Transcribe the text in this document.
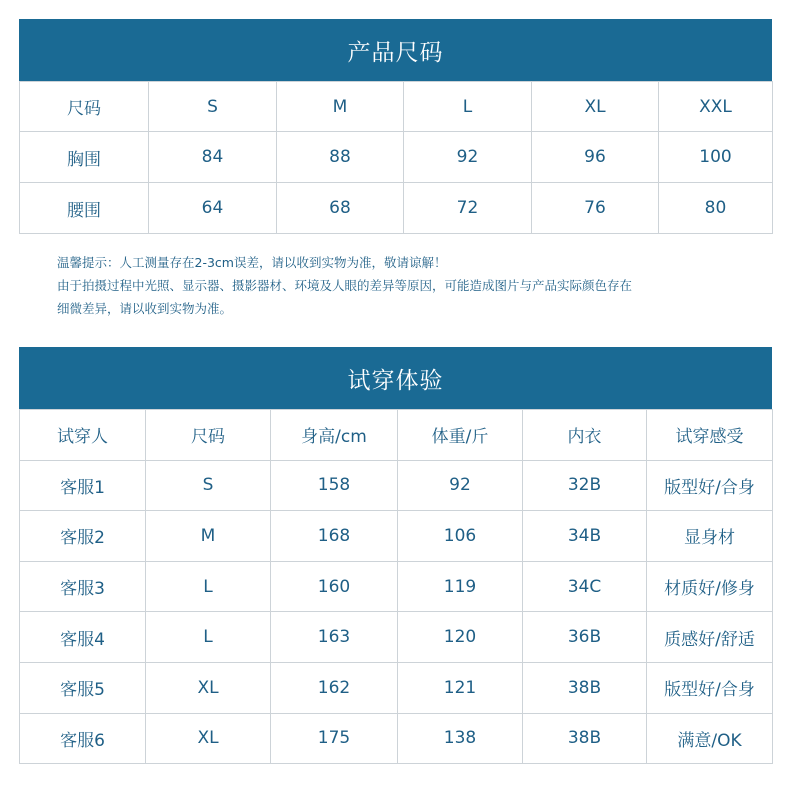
产品尺码
尺码	S	M	L	XL	XXL
胸围	84	88	92	96	100
腰围	64	68	72	76	80
温馨提示：人工测量存在2-3cm误差，请以收到实物为准，敬请谅解！
由于拍摄过程中光照、显示器、摄影器材、环境及人眼的差异等原因，可能造成图片与产品实际颜色存在
细微差异，请以收到实物为准。
试穿体验
试穿人	尺码	身高/cm	体重/斤	内衣	试穿感受
客服1	S	158	92	32B	版型好/合身
客服2	M	168	106	34B	显身材
客服3	L	160	119	34C	材质好/修身
客服4	L	163	120	36B	质感好/舒适
客服5	XL	162	121	38B	版型好/合身
客服6	XL	175	138	38B	满意/OK
